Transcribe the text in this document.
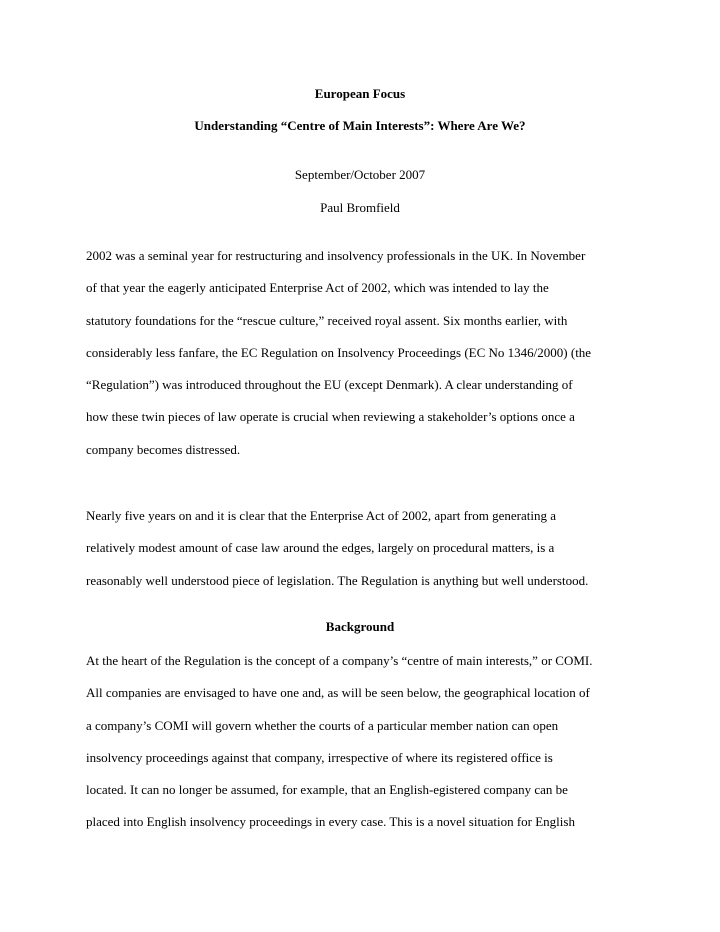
European Focus
Understanding “Centre of Main Interests”: Where Are We?
September/October 2007
Paul Bromfield
2002 was a seminal year for restructuring and insolvency professionals in the UK. In November
of that year the eagerly anticipated Enterprise Act of 2002, which was intended to lay the
statutory foundations for the “rescue culture,” received royal assent. Six months earlier, with
considerably less fanfare, the EC Regulation on Insolvency Proceedings (EC No 1346/2000) (the
“Regulation”) was introduced throughout the EU (except Denmark). A clear understanding of
how these twin pieces of law operate is crucial when reviewing a stakeholder’s options once a
company becomes distressed.
Nearly five years on and it is clear that the Enterprise Act of 2002, apart from generating a
relatively modest amount of case law around the edges, largely on procedural matters, is a
reasonably well understood piece of legislation. The Regulation is anything but well understood.
Background
At the heart of the Regulation is the concept of a company’s “centre of main interests,” or COMI.
All companies are envisaged to have one and, as will be seen below, the geographical location of
a company’s COMI will govern whether the courts of a particular member nation can open
insolvency proceedings against that company, irrespective of where its registered office is
located. It can no longer be assumed, for example, that an English-egistered company can be
placed into English insolvency proceedings in every case. This is a novel situation for English
